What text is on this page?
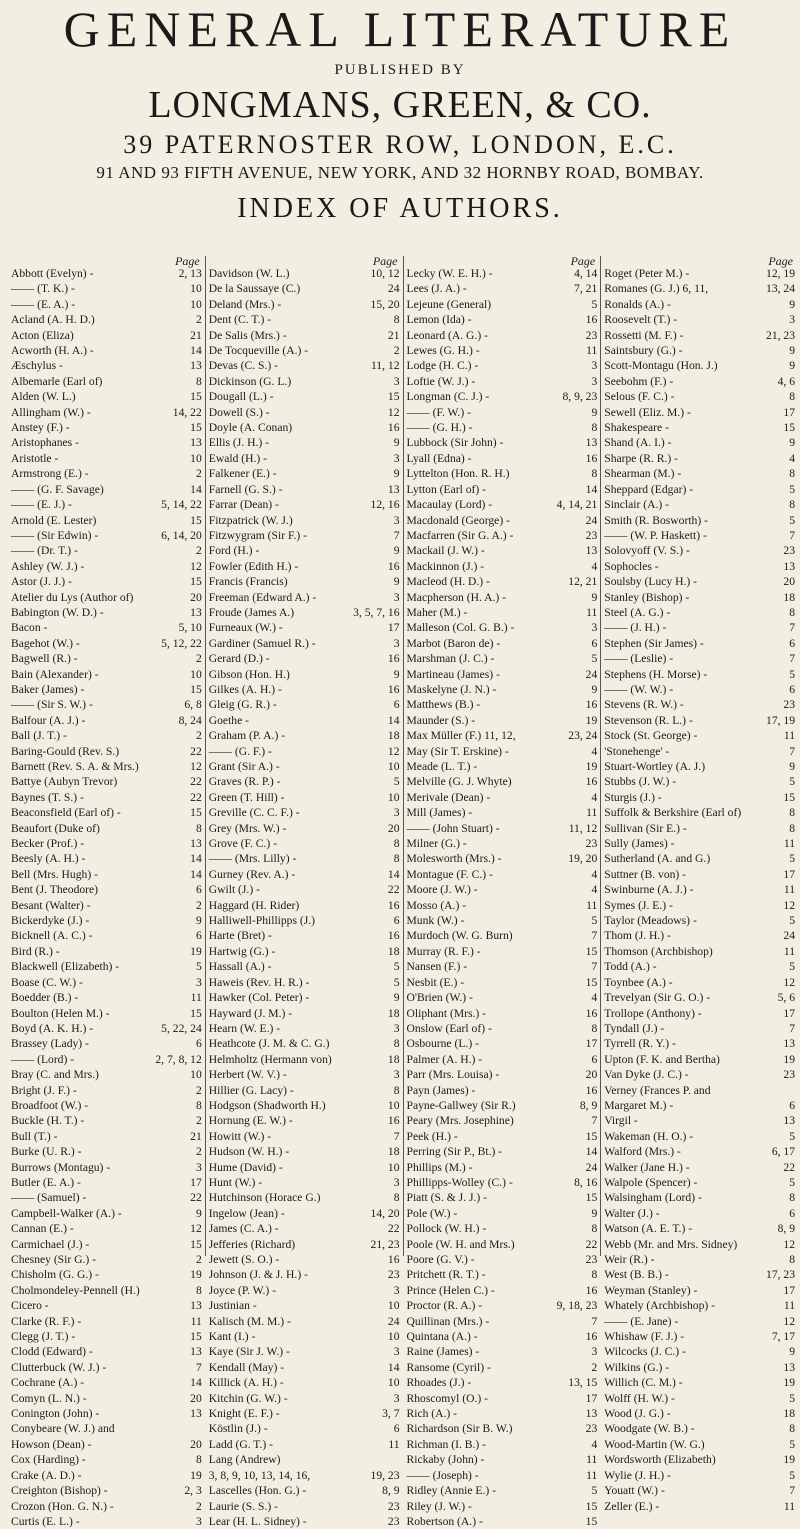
GENERAL LITERATURE
PUBLISHED BY
LONGMANS, GREEN, & CO.
39 PATERNOSTER ROW, LONDON, E.C.
91 AND 93 FIFTH AVENUE, NEW YORK, AND 32 HORNBY ROAD, BOMBAY.
INDEX OF AUTHORS.
Page
Abbott (Evelyn) -	2, 13
—— (T. K.) -	10
—— (E. A.) -	10
Acland (A. H. D.)	2
Acton (Eliza)	21
Acworth (H. A.) -	14
Æschylus -	13
Albemarle (Earl of)	8
Alden (W. L.)	15
Allingham (W.) -	14, 22
Anstey (F.) -	15
Aristophanes -	13
Aristotle -	10
Armstrong (E.) -	2
—— (G. F. Savage)	14
—— (E. J.) -	5, 14, 22
Arnold (E. Lester)	15
—— (Sir Edwin) -	6, 14, 20
—— (Dr. T.) -	2
Ashley (W. J.) -	12
Astor (J. J.) -	15
Atelier du Lys (Author of)	20
Babington (W. D.) -	13
Bacon -	5, 10
Bagehot (W.) -	5, 12, 22
Bagwell (R.) -	2
Bain (Alexander) -	10
Baker (James) -	15
—— (Sir S. W.) -	6, 8
Balfour (A. J.) -	8, 24
Ball (J. T.) -	2
Baring-Gould (Rev. S.)	22
Barnett (Rev. S. A. & Mrs.)	12
Battye (Aubyn Trevor)	22
Baynes (T. S.) -	22
Beaconsfield (Earl of) -	15
Beaufort (Duke of)	8
Becker (Prof.) -	13
Beesly (A. H.) -	14
Bell (Mrs. Hugh) -	14
Bent (J. Theodore)	6
Besant (Walter) -	2
Bickerdyke (J.) -	9
Bicknell (A. C.) -	6
Bird (R.) -	19
Blackwell (Elizabeth) -	5
Boase (C. W.) -	3
Boedder (B.) -	11
Boulton (Helen M.) -	15
Boyd (A. K. H.) -	5, 22, 24
Brassey (Lady) -	6
—— (Lord) -	2, 7, 8, 12
Bray (C. and Mrs.)	10
Bright (J. F.) -	2
Broadfoot (W.) -	8
Buckle (H. T.) -	2
Bull (T.) -	21
Burke (U. R.) -	2
Burrows (Montagu) -	3
Butler (E. A.) -	17
—— (Samuel) -	22
Campbell-Walker (A.) -	9
Cannan (E.) -	12
Carmichael (J.) -	15
Chesney (Sir G.) -	2
Chisholm (G. G.) -	19
Cholmondeley-Pennell (H.)	8
Cicero -	13
Clarke (R. F.) -	11
Clegg (J. T.) -	15
Clodd (Edward) -	13
Clutterbuck (W. J.) -	7
Cochrane (A.) -	14
Comyn (L. N.) -	20
Conington (John) -	13
Conybeare (W. J.) and
Howson (Dean) -	20
Cox (Harding) -	8
Crake (A. D.) -	19
Creighton (Bishop) -	2, 3
Crozon (Hon. G. N.) -	2
Curtis (E. L.) -	3
Page
Davidson (W. L.)	10, 12
De la Saussaye (C.)	24
Deland (Mrs.) -	15, 20
Dent (C. T.) -	8
De Salis (Mrs.) -	21
De Tocqueville (A.) -	2
Devas (C. S.) -	11, 12
Dickinson (G. L.)	3
Dougall (L.) -	15
Dowell (S.) -	12
Doyle (A. Conan)	16
Ellis (J. H.) -	9
Ewald (H.) -	3
Falkener (E.) -	9
Farnell (G. S.) -	13
Farrar (Dean) -	12, 16
Fitzpatrick (W. J.)	3
Fitzwygram (Sir F.) -	7
Ford (H.) -	9
Fowler (Edith H.) -	16
Francis (Francis)	9
Freeman (Edward A.) -	3
Froude (James A.)	3, 5, 7, 16
Furneaux (W.) -	17
Gardiner (Samuel R.) -	3
Gerard (D.) -	16
Gibson (Hon. H.)	9
Gilkes (A. H.) -	16
Gleig (G. R.) -	6
Goethe -	14
Graham (P. A.) -	18
—— (G. F.) -	12
Grant (Sir A.) -	10
Graves (R. P.) -	5
Green (T. Hill) -	10
Greville (C. C. F.) -	3
Grey (Mrs. W.) -	20
Grove (F. C.) -	8
—— (Mrs. Lilly) -	8
Gurney (Rev. A.) -	14
Gwilt (J.) -	22
Haggard (H. Rider)	16
Halliwell-Phillipps (J.)	6
Harte (Bret) -	16
Hartwig (G.) -	18
Hassall (A.) -	5
Haweis (Rev. H. R.) -	5
Hawker (Col. Peter) -	9
Hayward (J. M.) -	18
Hearn (W. E.) -	3
Heathcote (J. M. & C. G.)	8
Helmholtz (Hermann von)	18
Herbert (W. V.) -	3
Hillier (G. Lacy) -	8
Hodgson (Shadworth H.)	10
Hornung (E. W.) -	16
Howitt (W.) -	7
Hudson (W. H.) -	18
Hume (David) -	10
Hunt (W.) -	3
Hutchinson (Horace G.)	8
Ingelow (Jean) -	14, 20
James (C. A.) -	22
Jefferies (Richard)	21, 23
Jewett (S. O.) -	16
Johnson (J. & J. H.) -	23
Joyce (P. W.) -	3
Justinian -	10
Kalisch (M. M.) -	24
Kant (I.) -	10
Kaye (Sir J. W.) -	3
Kendall (May) -	14
Killick (A. H.) -	10
Kitchin (G. W.) -	3
Knight (E. F.) -	3, 7
Köstlin (J.) -	6
Ladd (G. T.) -	11
Lang (Andrew)
3, 8, 9, 10, 13, 14, 16,	19, 23
Lascelles (Hon. G.) -	8, 9
Laurie (S. S.) -	23
Lear (H. L. Sidney) -	23
Page
Lecky (W. E. H.) -	4, 14
Lees (J. A.) -	7, 21
Lejeune (General)	5
Lemon (Ida) -	16
Leonard (A. G.) -	23
Lewes (G. H.) -	11
Lodge (H. C.) -	3
Loftie (W. J.) -	3
Longman (C. J.) -	8, 9, 23
—— (F. W.) -	9
—— (G. H.) -	8
Lubbock (Sir John) -	13
Lyall (Edna) -	16
Lyttelton (Hon. R. H.)	8
Lytton (Earl of) -	14
Macaulay (Lord) -	4, 14, 21
Macdonald (George) -	24
Macfarren (Sir G. A.) -	23
Mackail (J. W.) -	13
Mackinnon (J.) -	4
Macleod (H. D.) -	12, 21
Macpherson (H. A.) -	9
Maher (M.) -	11
Malleson (Col. G. B.) -	3
Marbot (Baron de) -	6
Marshman (J. C.) -	5
Martineau (James) -	24
Maskelyne (J. N.) -	9
Matthews (B.) -	16
Maunder (S.) -	19
Max Müller (F.) 11, 12,	23, 24
May (Sir T. Erskine) -	4
Meade (L. T.) -	19
Melville (G. J. Whyte)	16
Merivale (Dean) -	4
Mill (James) -	11
—— (John Stuart) -	11, 12
Milner (G.) -	23
Molesworth (Mrs.) -	19, 20
Montague (F. C.) -	4
Moore (J. W.) -	4
Mosso (A.) -	11
Munk (W.) -	5
Murdoch (W. G. Burn)	7
Murray (R. F.) -	15
Nansen (F.) -	7
Nesbit (E.) -	15
O'Brien (W.) -	4
Oliphant (Mrs.) -	16
Onslow (Earl of) -	8
Osbourne (L.) -	17
Palmer (A. H.) -	6
Parr (Mrs. Louisa) -	20
Payn (James) -	16
Payne-Gallwey (Sir R.)	8, 9
Peary (Mrs. Josephine)	7
Peek (H.) -	15
Perring (Sir P., Bt.) -	14
Phillips (M.) -	24
Phillipps-Wolley (C.) -	8, 16
Piatt (S. & J. J.) -	15
Pole (W.) -	9
Pollock (W. H.) -	8
Poole (W. H. and Mrs.)	22
Poore (G. V.) -	23
Pritchett (R. T.) -	8
Prince (Helen C.) -	16
Proctor (R. A.) -	9, 18, 23
Quillinan (Mrs.) -	7
Quintana (A.) -	16
Raine (James) -	3
Ransome (Cyril) -	2
Rhoades (J.) -	13, 15
Rhoscomyl (O.) -	17
Rich (A.) -	13
Richardson (Sir B. W.)	23
Richman (I. B.) -	4
Rickaby (John) -	11
—— (Joseph) -	11
Ridley (Annie E.) -	5
Riley (J. W.) -	15
Robertson (A.) -	15
Page
Roget (Peter M.) -	12, 19
Romanes (G. J.) 6, 11,	13, 24
Ronalds (A.) -	9
Roosevelt (T.) -	3
Rossetti (M. F.) -	21, 23
Saintsbury (G.) -	9
Scott-Montagu (Hon. J.)	9
Seebohm (F.) -	4, 6
Selous (F. C.) -	8
Sewell (Eliz. M.) -	17
Shakespeare -	15
Shand (A. I.) -	9
Sharpe (R. R.) -	4
Shearman (M.) -	8
Sheppard (Edgar) -	5
Sinclair (A.) -	8
Smith (R. Bosworth) -	5
—— (W. P. Haskett) -	7
Solovyoff (V. S.) -	23
Sophocles -	13
Soulsby (Lucy H.) -	20
Stanley (Bishop) -	18
Steel (A. G.) -	8
—— (J. H.) -	7
Stephen (Sir James) -	6
—— (Leslie) -	7
Stephens (H. Morse) -	5
—— (W. W.) -	6
Stevens (R. W.) -	23
Stevenson (R. L.) -	17, 19
Stock (St. George) -	11
'Stonehenge' -	7
Stuart-Wortley (A. J.)	9
Stubbs (J. W.) -	5
Sturgis (J.) -	15
Suffolk & Berkshire (Earl of)	8
Sullivan (Sir E.) -	8
Sully (James) -	11
Sutherland (A. and G.)	5
Suttner (B. von) -	17
Swinburne (A. J.) -	11
Symes (J. E.) -	12
Taylor (Meadows) -	5
Thom (J. H.) -	24
Thomson (Archbishop)	11
Todd (A.) -	5
Toynbee (A.) -	12
Trevelyan (Sir G. O.) -	5, 6
Trollope (Anthony) -	17
Tyndall (J.) -	7
Tyrrell (R. Y.) -	13
Upton (F. K. and Bertha)	19
Van Dyke (J. C.) -	23
Verney (Frances P. and
Margaret M.) -	6
Virgil -	13
Wakeman (H. O.) -	5
Walford (Mrs.) -	6, 17
Walker (Jane H.) -	22
Walpole (Spencer) -	5
Walsingham (Lord) -	8
Walter (J.) -	6
Watson (A. E. T.) -	8, 9
Webb (Mr. and Mrs. Sidney)	12
Weir (R.) -	8
West (B. B.) -	17, 23
Weyman (Stanley) -	17
Whately (Archbishop) -	11
—— (E. Jane) -	12
Whishaw (F. J.) -	7, 17
Wilcocks (J. C.) -	9
Wilkins (G.) -	13
Willich (C. M.) -	19
Wolff (H. W.) -	5
Wood (J. G.) -	18
Woodgate (W. B.) -	8
Wood-Martin (W. G.)	5
Wordsworth (Elizabeth)	19
Wylie (J. H.) -	5
Youatt (W.) -	7
Zeller (E.) -	11
